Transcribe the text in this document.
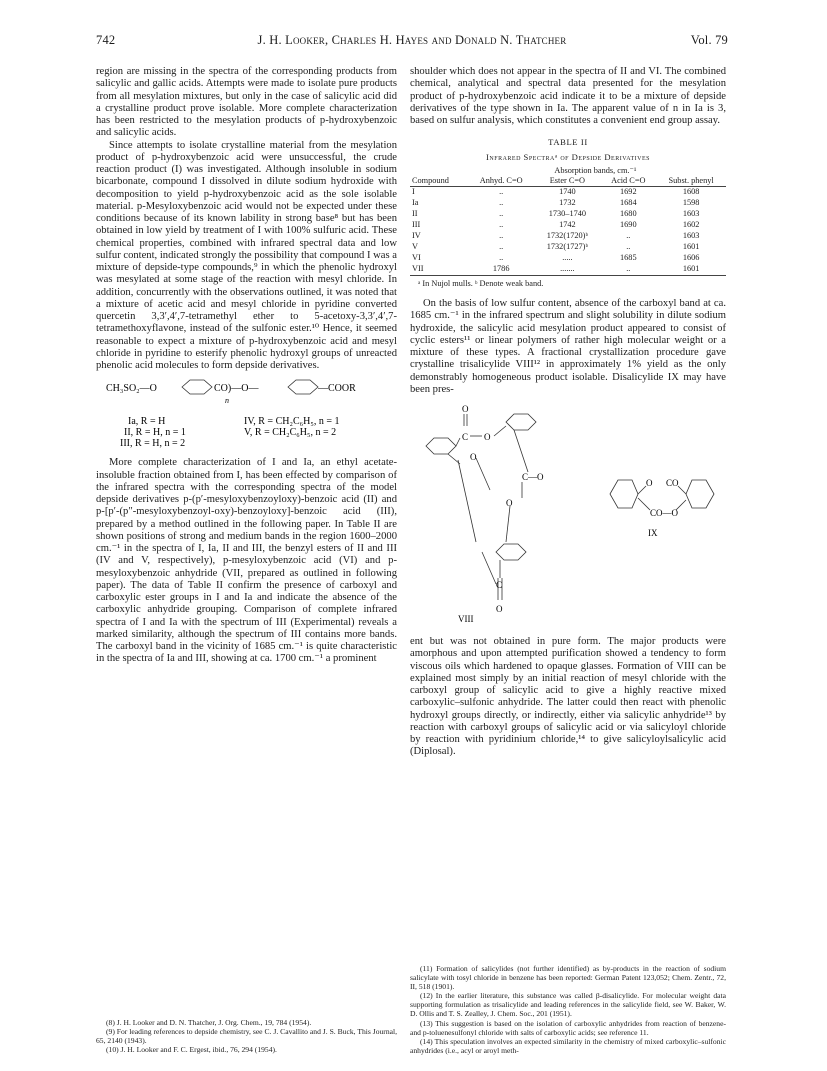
742	J. H. Looker, Charles H. Hayes and Donald N. Thatcher	Vol. 79

region are missing in the spectra of the corresponding products from salicylic and gallic acids. Attempts were made to isolate pure products from all mesylation mixtures, but only in the case of salicylic acid did a crystalline product prove isolable. More complete characterization has been restricted to the mesylation products of p-hydroxybenzoic and salicylic acids.

Since attempts to isolate crystalline material from the mesylation product of p-hydroxybenzoic acid were unsuccessful, the crude reaction product (I) was investigated. Although insoluble in sodium bicarbonate, compound I dissolved in dilute sodium hydroxide with decomposition to yield p-hydroxybenzoic acid as the sole isolable material. p-Mesyloxybenzoic acid would not be expected under these conditions because of its known lability in strong base⁸ but has been obtained in low yield by treatment of I with 100% sulfuric acid. These chemical properties, combined with infrared spectral data and low sulfur content, indicated strongly the possibility that compound I was a mixture of depside-type compounds,⁹ in which the phenolic hydroxyl was mesylated at some stage of the reaction with mesyl chloride. In addition, concurrently with the observations outlined, it was noted that a mixture of acetic acid and mesyl chloride in pyridine converted quercetin 3,3′,4′,7-tetramethyl ether to 5-acetoxy-3,3′,4′,7-tetramethoxyflavone, instead of the sulfonic ester.¹⁰ Hence, it seemed reasonable to expect a mixture of p-hydroxybenzoic acid and mesyl chloride in pyridine to esterify phenolic hydroxyl groups of unreacted phenolic acid molecules to form depside derivatives.

CH₃SO₂—O	CO)—O—	—COOR
n
Ia, R = H	IV, R = CH₂C₆H₅, n = 1
II, R = H, n = 1	V, R = CH₂C₆H₅, n = 2
III, R = H, n = 2

More complete characterization of I and Ia, an ethyl acetate-insoluble fraction obtained from I, has been effected by comparison of the infrared spectra with the corresponding spectra of the model depside derivatives p-(p′-mesyloxybenzoyloxy)-benzoic acid (II) and p-[p′-(p″-mesyloxybenzoyl-oxy)-benzoyloxy]-benzoic acid (III), prepared by a method outlined in the following paper. In Table II are shown positions of strong and medium bands in the region 1600–2000 cm.⁻¹ in the spectra of I, Ia, II and III, the benzyl esters of II and III (IV and V, respectively), p-mesyloxybenzoic acid (VI) and p-mesyloxybenzoic anhydride (VII, prepared as outlined in following paper). The data of Table II confirm the presence of carboxyl and carboxylic ester groups in I and Ia and indicate the absence of the carboxylic anhydride grouping. Comparison of complete infrared spectra of I and Ia with the spectrum of III (Experimental) reveals a marked similarity, although the spectrum of III contains more bands. The carboxyl band in the vicinity of 1685 cm.⁻¹ is quite characteristic in the spectra of Ia and III, showing at ca. 1700 cm.⁻¹ a prominent

shoulder which does not appear in the spectra of II and VI. The combined chemical, analytical and spectral data presented for the mesylation product of p-hydroxybenzoic acid indicate it to be a mixture of depside derivatives of the type shown in Ia. The apparent value of n in Ia is 3, based on sulfur analysis, which constitutes a convenient end group assay.

TABLE II
Infrared Spectraᵃ of Depside Derivatives
		Absorption bands, cm.⁻¹		
Compound	Anhyd. C=O	Ester C=O	Acid C=O	Subst. phenyl
I	..	1740	1692	1608
Ia	..	1732	1684	1598
II	..	1730–1740	1680	1603
III	..	1742	1690	1602
IV	..	1732(1720)ᵇ	..	1603
V	..	1732(1727)ᵇ	..	1601
VI	..	.....	1685	1606
VII	1786	.......	..	1601
ᵃ In Nujol mulls. ᵇ Denote weak band.

On the basis of low sulfur content, absence of the carboxyl band at ca. 1685 cm.⁻¹ in the infrared spectrum and slight solubility in dilute sodium hydroxide, the salicylic acid mesylation product appeared to consist of cyclic esters¹¹ or linear polymers of rather high molecular weight or a mixture of these types. A fractional crystallization procedure gave crystalline trisalicylide VIII¹² in approximately 1% yield as the only demonstrably homogeneous product isolable. Disalicylide IX may have been pres-

O
C O
O
C—O
O
C
O
O CO
CO—O
VIII
IX

ent but was not obtained in pure form. The major products were amorphous and upon attempted purification showed a tendency to form viscous oils which hardened to opaque glasses. Formation of VIII can be explained most simply by an initial reaction of mesyl chloride with the carboxyl group of salicylic acid to give a highly reactive mixed carboxylic–sulfonic anhydride. The latter could then react with phenolic hydroxyl groups directly, or indirectly, either via salicylic anhydride¹³ by reaction with carboxyl groups of salicylic acid or via salicyloyl chloride by reaction with pyridinium chloride,¹⁴ to give salicyloylsalicylic acid (Diplosal).

(8) J. H. Looker and D. N. Thatcher, J. Org. Chem., 19, 784 (1954).

(9) For leading references to depside chemistry, see C. J. Cavallito and J. S. Buck, This Journal, 65, 2140 (1943).

(10) J. H. Looker and F. C. Ergest, ibid., 76, 294 (1954).

(11) Formation of salicylides (not further identified) as by-products in the reaction of sodium salicylate with tosyl chloride in benzene has been reported: German Patent 123,052; Chem. Zentr., 72, II, 518 (1901).

(12) In the earlier literature, this substance was called β-disalicylide. For molecular weight data supporting formulation as trisalicylide and leading references in the salicylide field, see W. Baker, W. D. Ollis and T. S. Zealley, J. Chem. Soc., 201 (1951).

(13) This suggestion is based on the isolation of carboxylic anhydrides from reaction of benzene- and p-toluenesulfonyl chloride with salts of carboxylic acids; see reference 11.

(14) This speculation involves an expected similarity in the chemistry of mixed carboxylic–sulfonic anhydrides (i.e., acyl or aroyl meth-
